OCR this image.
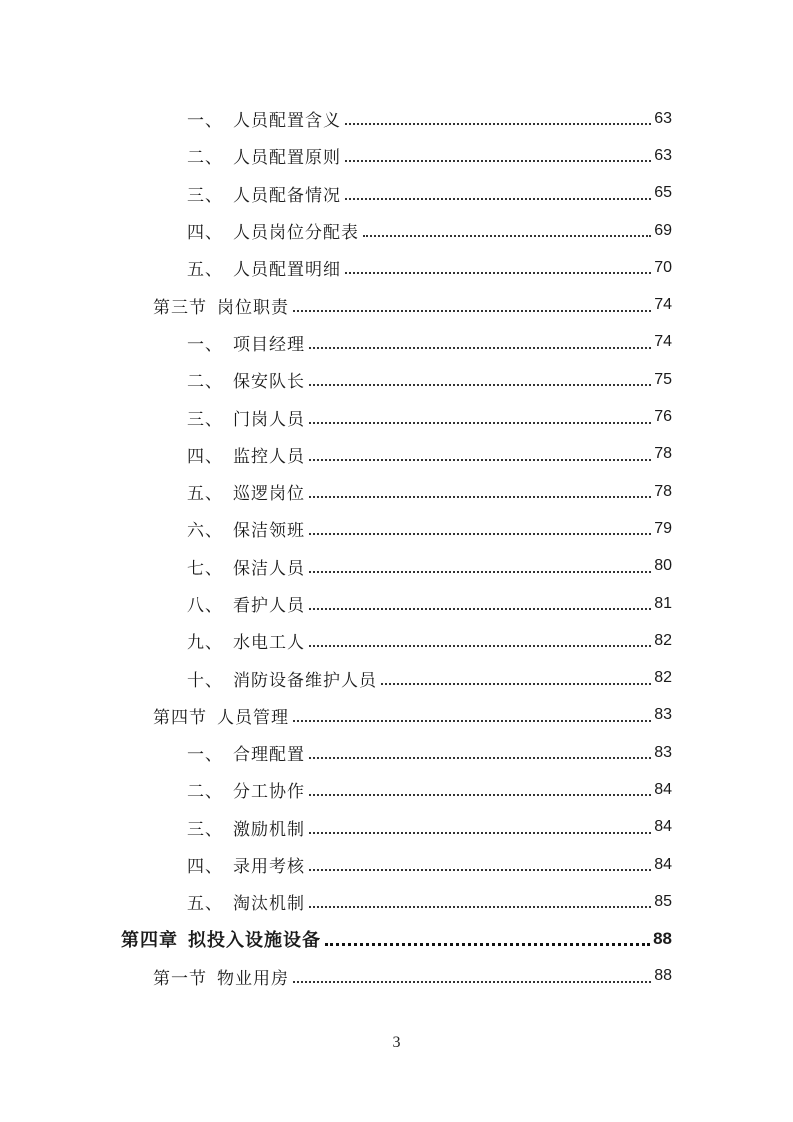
一、 人员配置含义	63
二、 人员配置原则	63
三、 人员配备情况	65
四、 人员岗位分配表	69
五、 人员配置明细	70
第三节 岗位职责	74
一、 项目经理	74
二、 保安队长	75
三、 门岗人员	76
四、 监控人员	78
五、 巡逻岗位	78
六、 保洁领班	79
七、 保洁人员	80
八、 看护人员	81
九、 水电工人	82
十、 消防设备维护人员	82
第四节 人员管理	83
一、 合理配置	83
二、 分工协作	84
三、 激励机制	84
四、 录用考核	84
五、 淘汰机制	85
第四章 拟投入设施设备	88
第一节 物业用房	88
3
